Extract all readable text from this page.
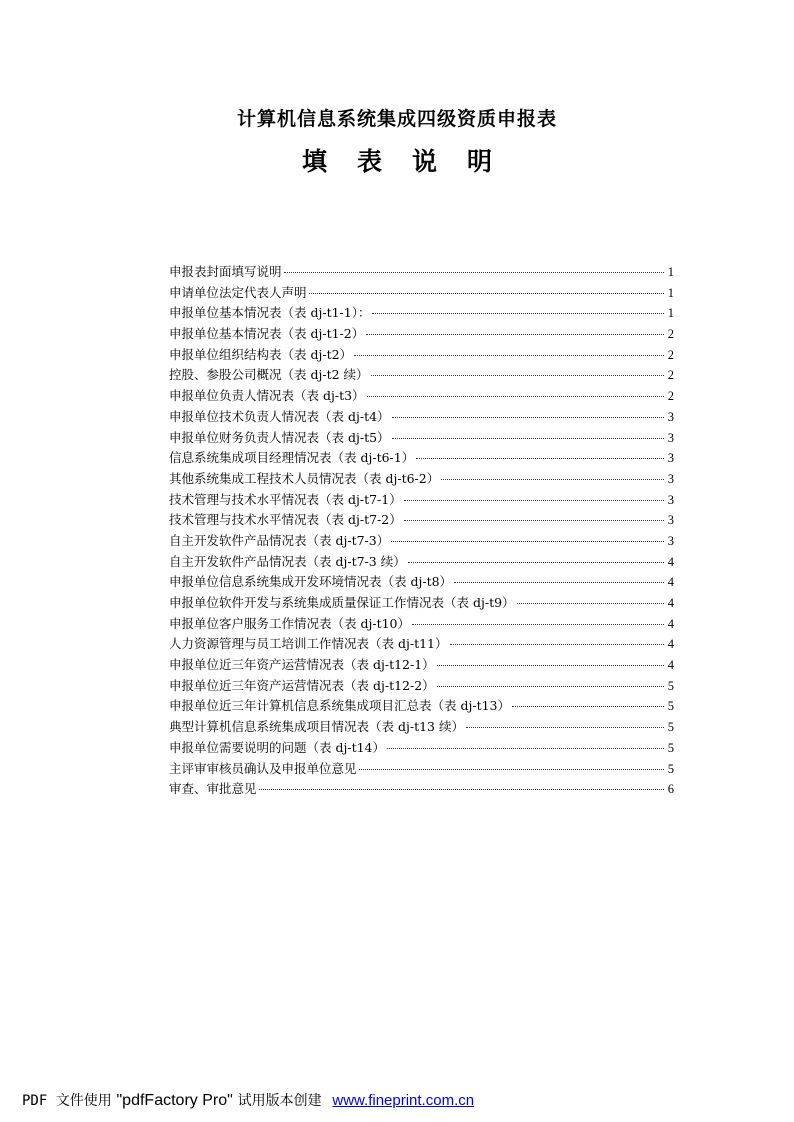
计算机信息系统集成四级资质申报表
填表说明
申报表封面填写说明	1
申请单位法定代表人声明	1
申报单位基本情况表（表 dj-t1-1）：	1
申报单位基本情况表（表 dj-t1-2）	2
申报单位组织结构表（表 dj-t2）	2
控股、参股公司概况（表 dj-t2 续）	2
申报单位负责人情况表（表 dj-t3）	2
申报单位技术负责人情况表（表 dj-t4）	3
申报单位财务负责人情况表（表 dj-t5）	3
信息系统集成项目经理情况表（表 dj-t6-1）	3
其他系统集成工程技术人员情况表（表 dj-t6-2）	3
技术管理与技术水平情况表（表 dj-t7-1）	3
技术管理与技术水平情况表（表 dj-t7-2）	3
自主开发软件产品情况表（表 dj-t7-3）	3
自主开发软件产品情况表（表 dj-t7-3 续）	4
申报单位信息系统集成开发环境情况表（表 dj-t8）	4
申报单位软件开发与系统集成质量保证工作情况表（表 dj-t9）	4
申报单位客户服务工作情况表（表 dj-t10）	4
人力资源管理与员工培训工作情况表（表 dj-t11）	4
申报单位近三年资产运营情况表（表 dj-t12-1）	4
申报单位近三年资产运营情况表（表 dj-t12-2）	5
申报单位近三年计算机信息系统集成项目汇总表（表 dj-t13）	5
典型计算机信息系统集成项目情况表（表 dj-t13 续）	5
申报单位需要说明的问题（表 dj-t14）	5
主评审审核员确认及申报单位意见	5
审查、审批意见	6
PDF 文件使用 "pdfFactory Pro" 试用版本创建 www.fineprint.com.cn
